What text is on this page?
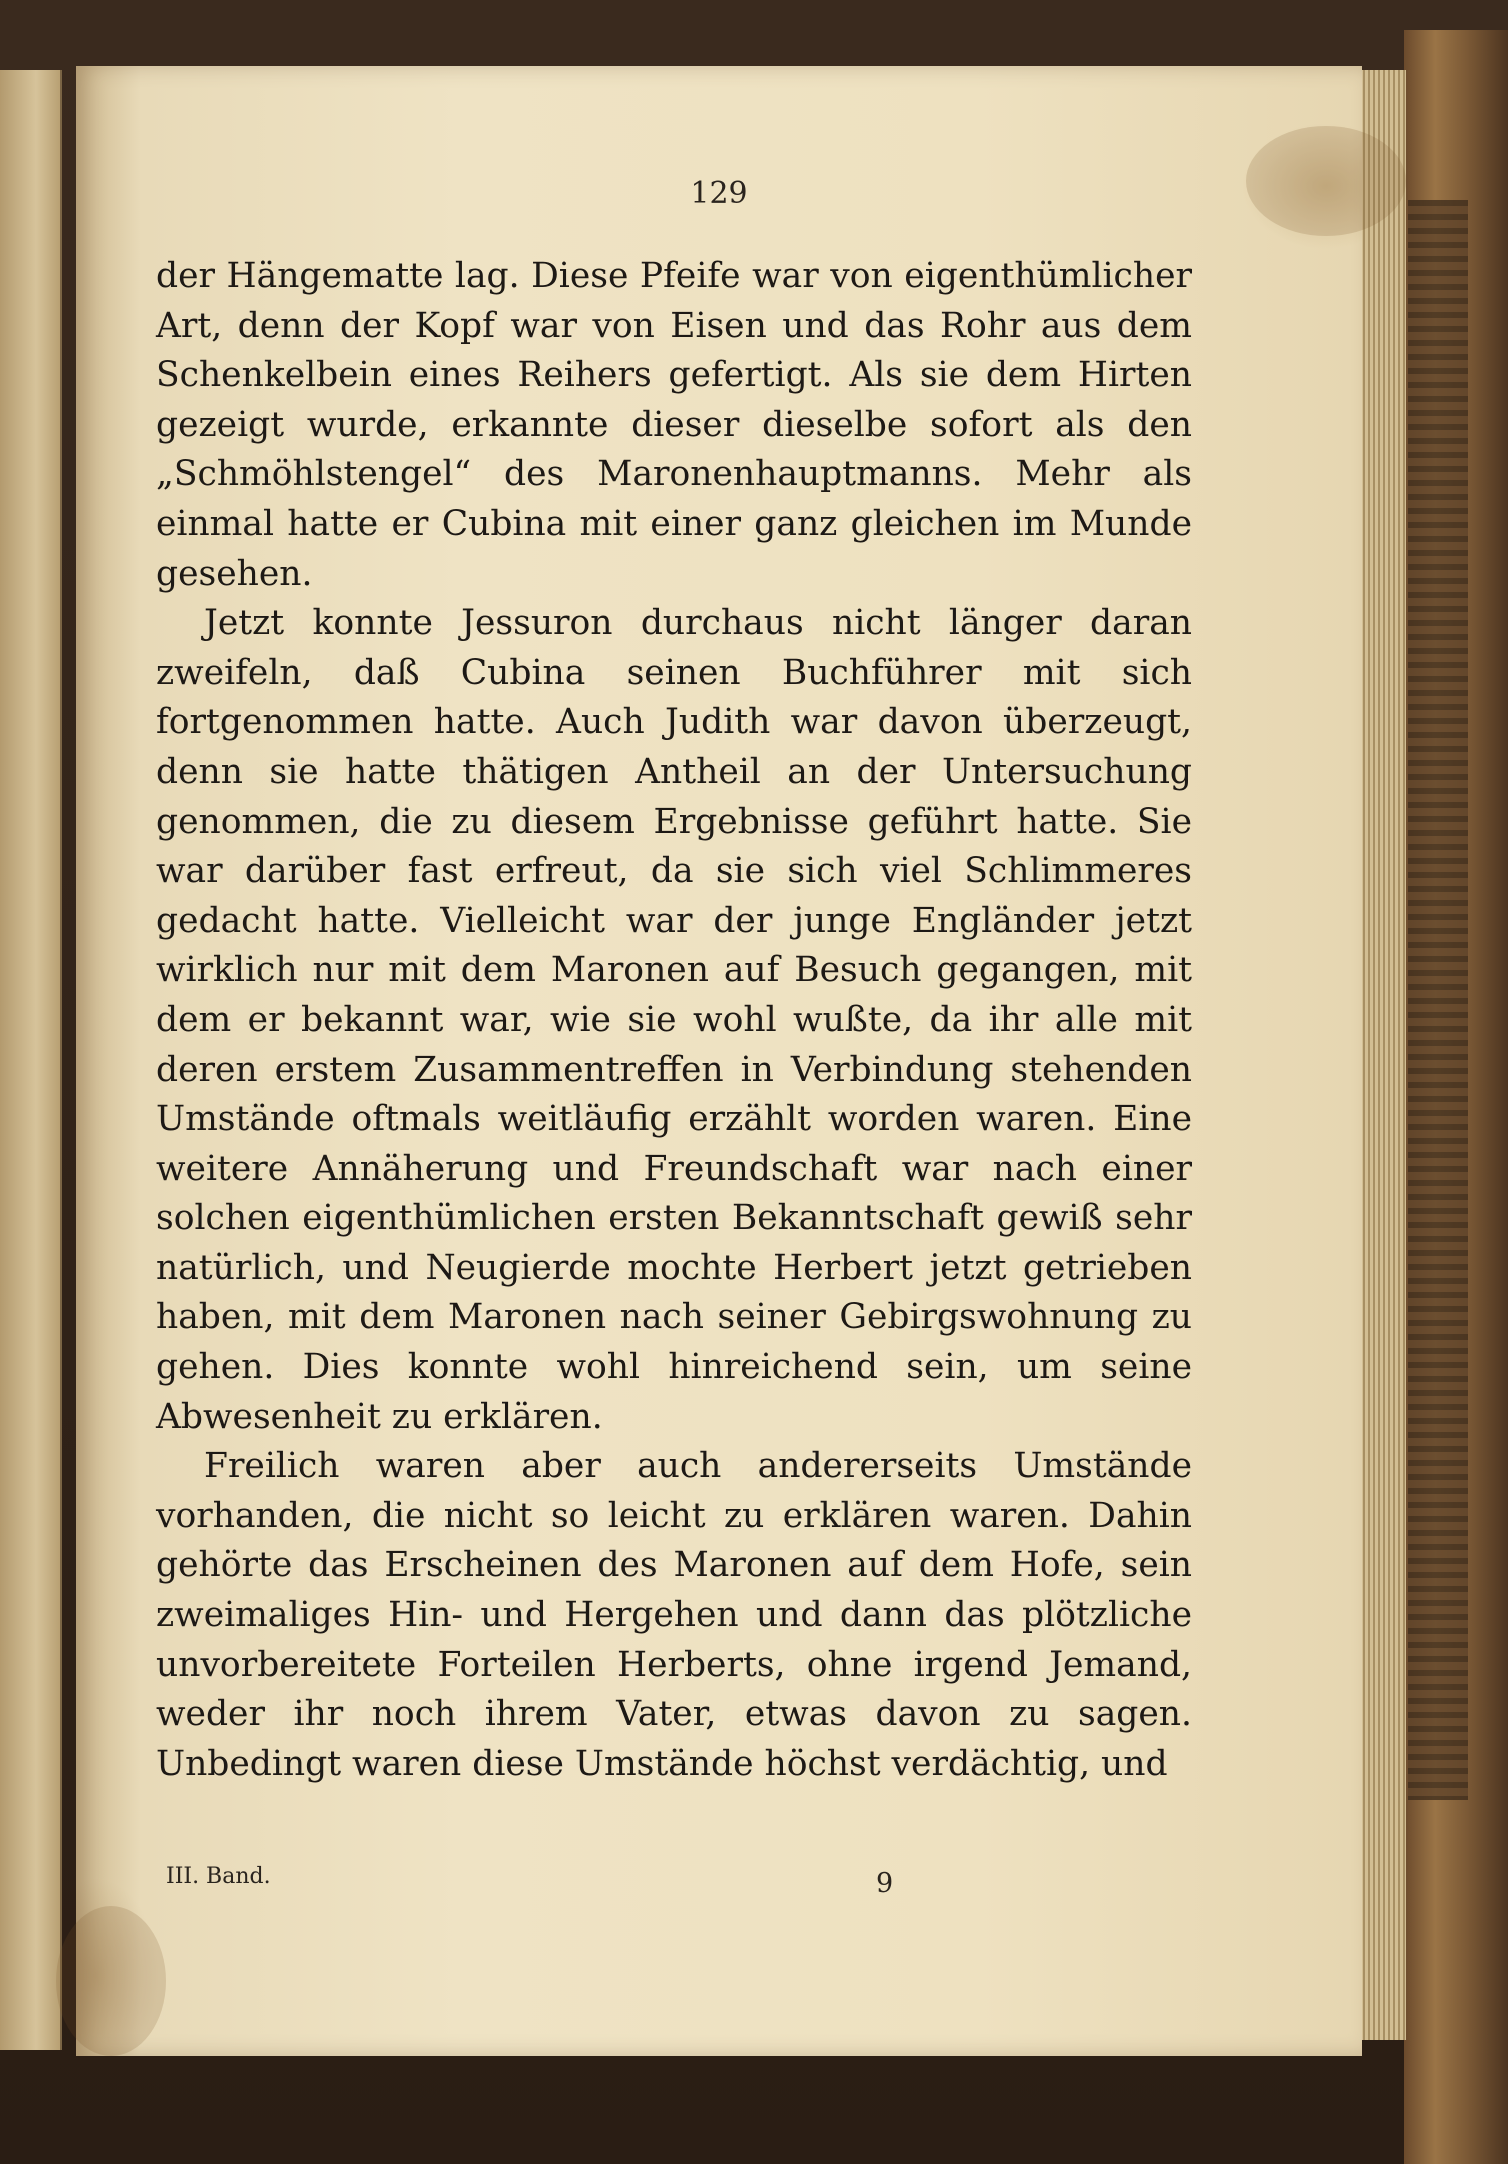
129

der Hängematte lag. Diese Pfeife war von eigenthümlicher Art, denn der Kopf war von Eisen und das Rohr aus dem Schenkelbein eines Reihers gefertigt. Als sie dem Hirten gezeigt wurde, erkannte dieser dieselbe sofort als den „Schmöhlstengel“ des Maronenhauptmanns. Mehr als einmal hatte er Cubina mit einer ganz gleichen im Munde gesehen.

Jetzt konnte Jessuron durchaus nicht länger daran zweifeln, daß Cubina seinen Buchführer mit sich fortgenommen hatte. Auch Judith war davon überzeugt, denn sie hatte thätigen Antheil an der Untersuchung genommen, die zu diesem Ergebnisse geführt hatte. Sie war darüber fast erfreut, da sie sich viel Schlimmeres gedacht hatte. Vielleicht war der junge Engländer jetzt wirklich nur mit dem Maronen auf Besuch gegangen, mit dem er bekannt war, wie sie wohl wußte, da ihr alle mit deren erstem Zusammentreffen in Verbindung stehenden Umstände oftmals weitläufig erzählt worden waren. Eine weitere Annäherung und Freundschaft war nach einer solchen eigenthümlichen ersten Bekanntschaft gewiß sehr natürlich, und Neugierde mochte Herbert jetzt getrieben haben, mit dem Maronen nach seiner Gebirgswohnung zu gehen. Dies konnte wohl hinreichend sein, um seine Abwesenheit zu erklären.

Freilich waren aber auch andererseits Umstände vorhanden, die nicht so leicht zu erklären waren. Dahin gehörte das Erscheinen des Maronen auf dem Hofe, sein zweimaliges Hin- und Hergehen und dann das plötzliche unvorbereitete Forteilen Herberts, ohne irgend Jemand, weder ihr noch ihrem Vater, etwas davon zu sagen. Unbedingt waren diese Umstände höchst verdächtig, und

III. Band.	9
